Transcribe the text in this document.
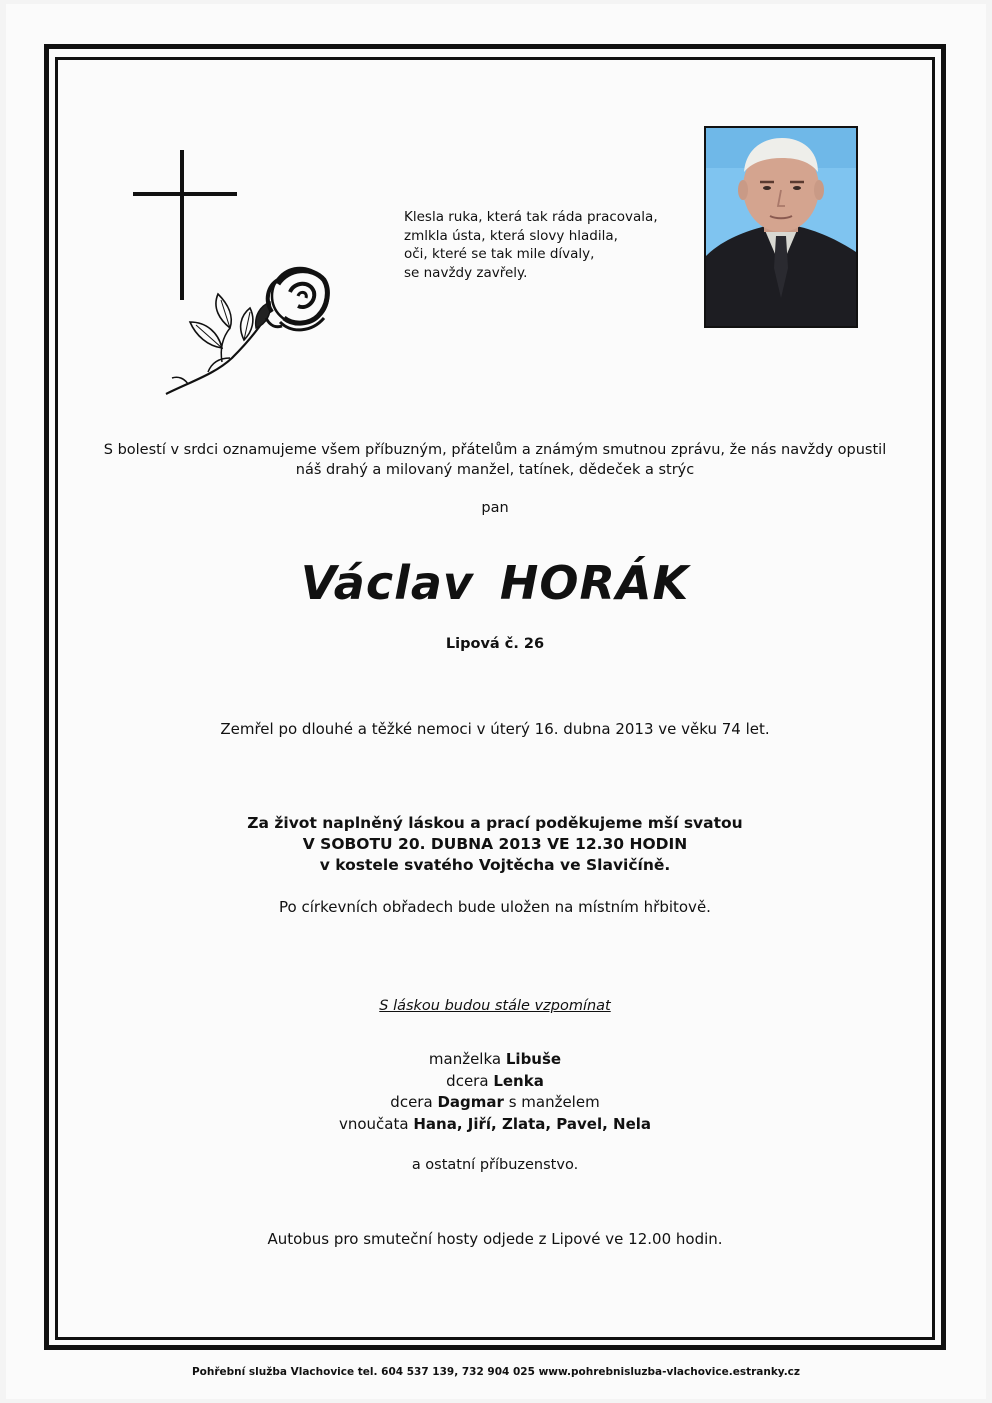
Klesla ruka, která tak ráda pracovala,
zmlkla ústa, která slovy hladila,
oči, které se tak mile dívaly,
se navždy zavřely.
S bolestí v srdci oznamujeme všem příbuzným, přátelům a známým smutnou zprávu, že nás navždy opustil
náš drahý a milovaný manžel, tatínek, dědeček a strýc
pan
Václav HORÁK
Lipová č. 26
Zemřel po dlouhé a těžké nemoci v úterý 16. dubna 2013 ve věku 74 let.
Za život naplněný láskou a prací poděkujeme mší svatou
V SOBOTU 20. DUBNA 2013 VE 12.30 HODIN
v kostele svatého Vojtěcha ve Slavičíně.
Po církevních obřadech bude uložen na místním hřbitově.
S láskou budou stále vzpomínat
manželka Libuše
dcera Lenka
dcera Dagmar s manželem
vnoučata Hana, Jiří, Zlata, Pavel, Nela
a ostatní příbuzenstvo.
Autobus pro smuteční hosty odjede z Lipové ve 12.00 hodin.
Pohřební služba Vlachovice tel. 604 537 139, 732 904 025 www.pohrebnisluzba-vlachovice.estranky.cz
